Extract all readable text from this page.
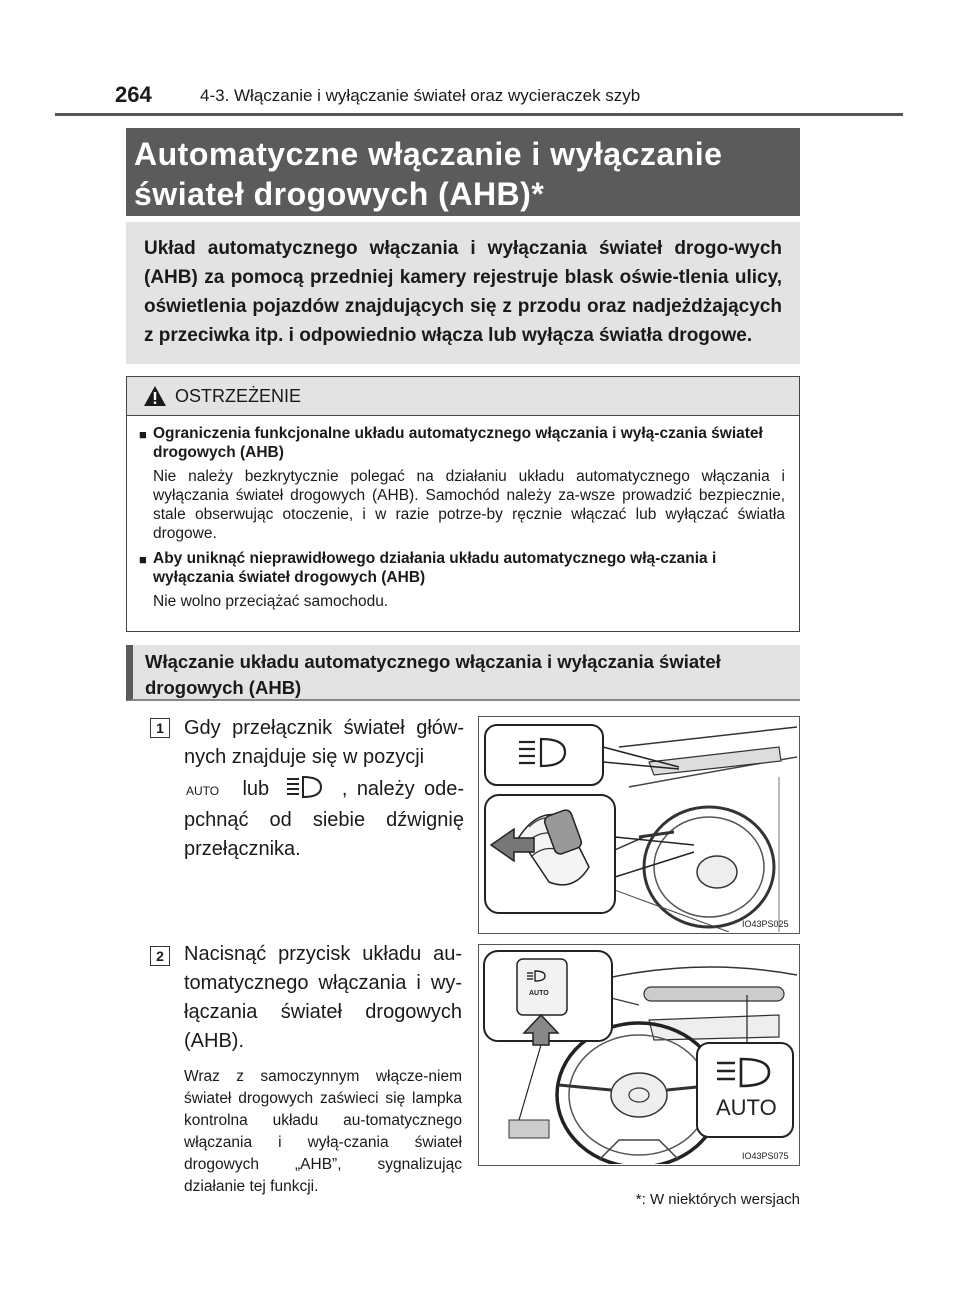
264	4-3. Włączanie i wyłączanie świateł oraz wycieraczek szyb
Automatyczne włączanie i wyłączanie
świateł drogowych (AHB)*
Układ automatycznego włączania i wyłączania świateł drogo-wych (AHB) za pomocą przedniej kamery rejestruje blask oświe-tlenia ulicy, oświetlenia pojazdów znajdujących się z przodu oraz nadjeżdżających z przeciwka itp. i odpowiednio włącza lub wyłącza światła drogowe.
OSTRZEŻENIE
■ Ograniczenia funkcjonalne układu automatycznego włączania i wyłą-czania świateł drogowych (AHB)
Nie należy bezkrytycznie polegać na działaniu układu automatycznego włączania i wyłączania świateł drogowych (AHB). Samochód należy za-wsze prowadzić bezpiecznie, stale obserwując otoczenie, i w razie potrze-by ręcznie włączać lub wyłączać światła drogowe.
■ Aby uniknąć nieprawidłowego działania układu automatycznego włą-czania i wyłączania świateł drogowych (AHB)
Nie wolno przeciążać samochodu.
Włączanie układu automatycznego włączania i wyłączania świateł drogowych (AHB)
1	Gdy przełącznik świateł głów-nych znajduje się w pozycji
AUTO lub	, należy ode-pchnąć od siebie dźwignię przełącznika.
IO43PS025
2	Nacisnąć przycisk układu au-tomatycznego włączania i wy-łączania świateł drogowych (AHB).
Wraz z samoczynnym włącze-niem świateł drogowych zaświeci się lampka kontrolna układu au-tomatycznego włączania i wyłą-czania świateł drogowych „AHB”, sygnalizując działanie tej funkcji.
AUTO
AUTO
IO43PS075
*: W niektórych wersjach
